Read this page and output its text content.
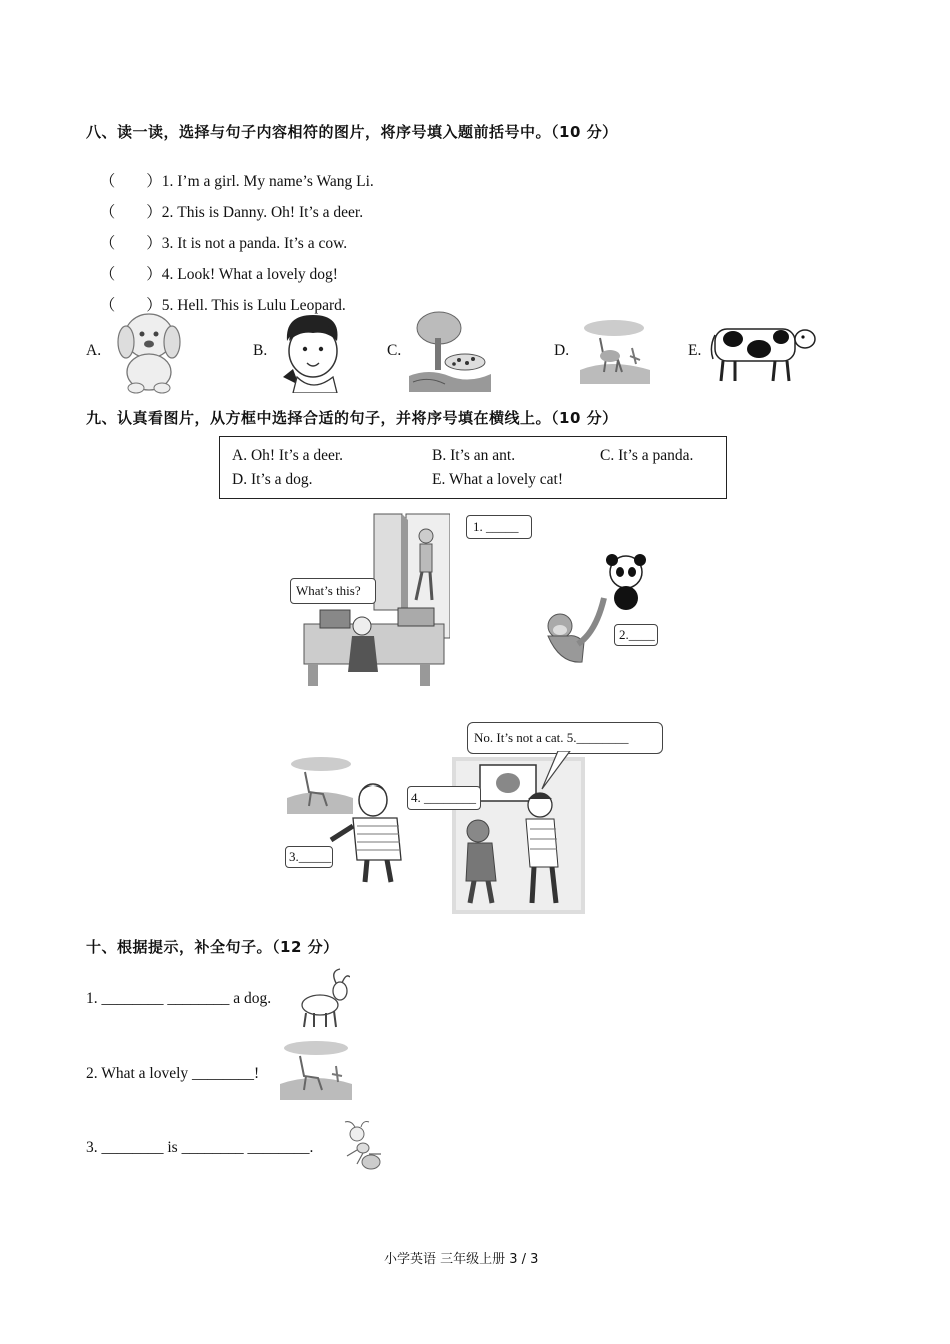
八、读一读，选择与句子内容相符的图片，将序号填入题前括号中。（10 分）

（　　）1. I’m a girl. My name’s Wang Li.

（　　）2. This is Danny. Oh! It’s a deer.

（　　）3. It is not a panda. It’s a cow.

（　　）4. Look! What a lovely dog!

（　　）5. Hell. This is Lulu Leopard.

A.	B.	C.	D.	E.
九、认真看图片，从方框中选择合适的句子，并将序号填在横线上。（10 分）
A. Oh! It’s a deer.	B. It’s an ant.	C. It’s a panda.
D. It’s a dog.	E. What a lovely cat!
What’s this?
1. _____
2.____
3._____
4. ________
No. It’s not a cat. 5.________
十、根据提示，补全句子。（12 分）
1. ________ ________ a dog.
2. What a lovely ________!
3. ________ is ________ ________.
小学英语 三年级上册 3 / 3
